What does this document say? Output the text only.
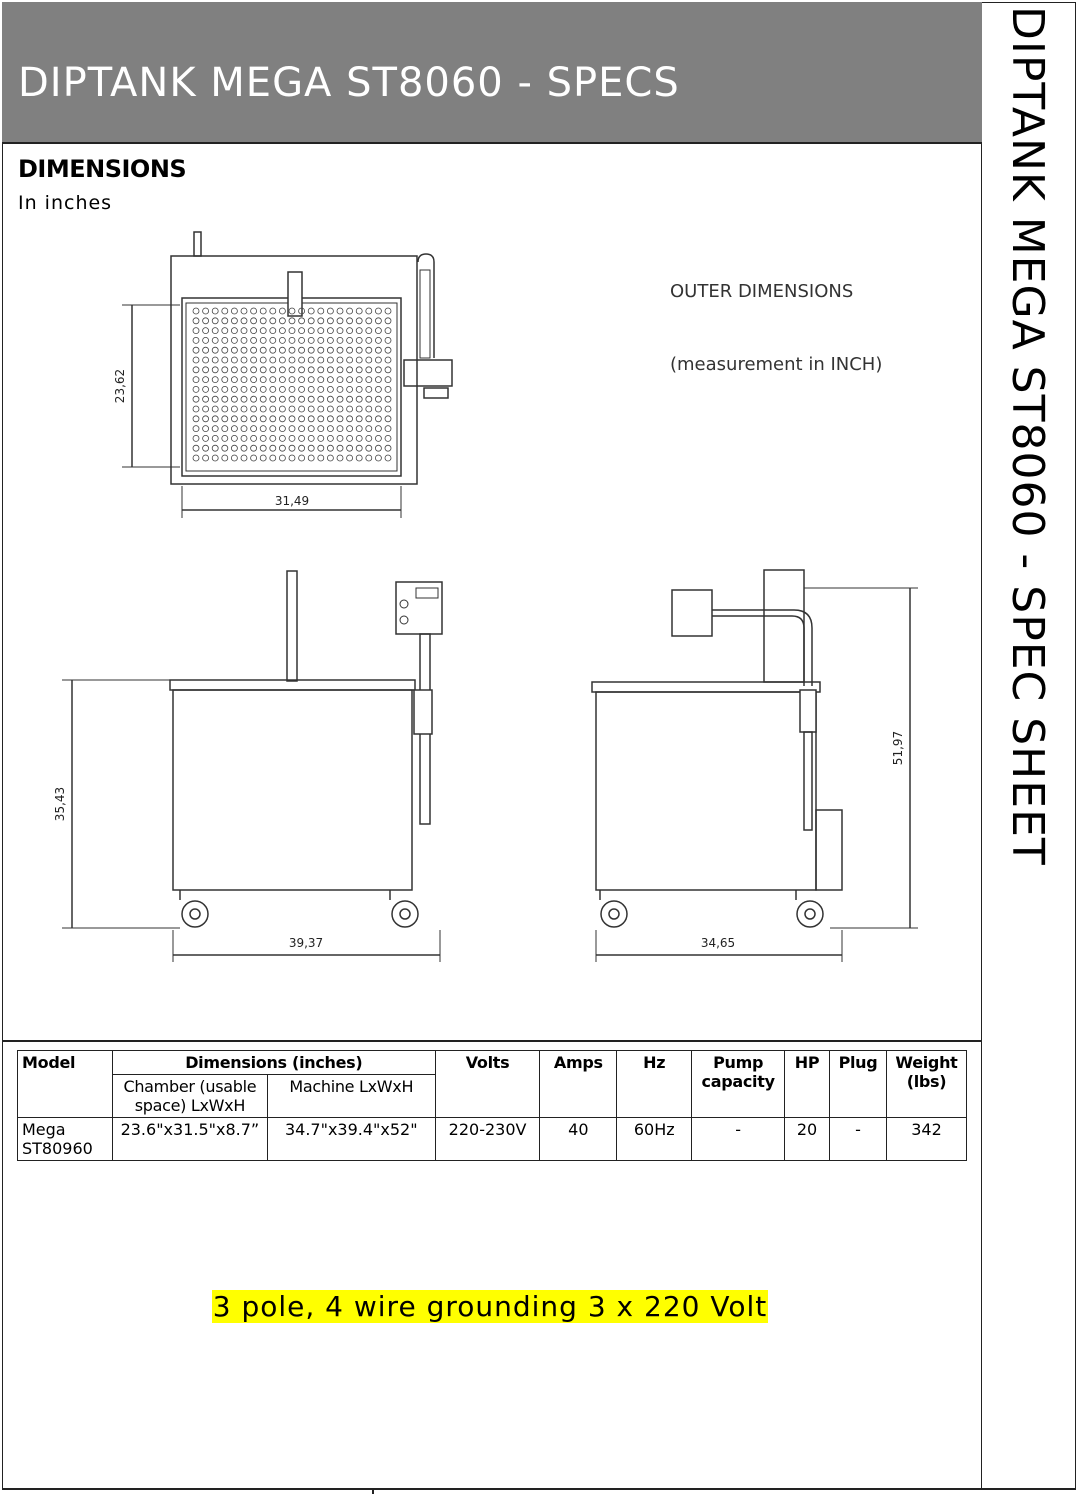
DIPTANK MEGA ST8060 - SPECS	DIPTANK MEGA ST8060 - SPEC SHEET
DIMENSIONS
In inches
23,62
31,49
OUTER DIMENSIONS
(measurement in INCH)
35,43
39,37
51,97
34,65
Model	Dimensions (inches)		Volts	Amps	Hz	Pump capacity	HP	Plug	Weight (lbs)
	Chamber (usable space) LxWxH	Machine LxWxH							
Mega ST80960	23.6"x31.5"x8.7”	34.7"x39.4"x52"	220-230V	40	60Hz	-	20	-	342
3 pole, 4 wire grounding 3 x 220 Volt
